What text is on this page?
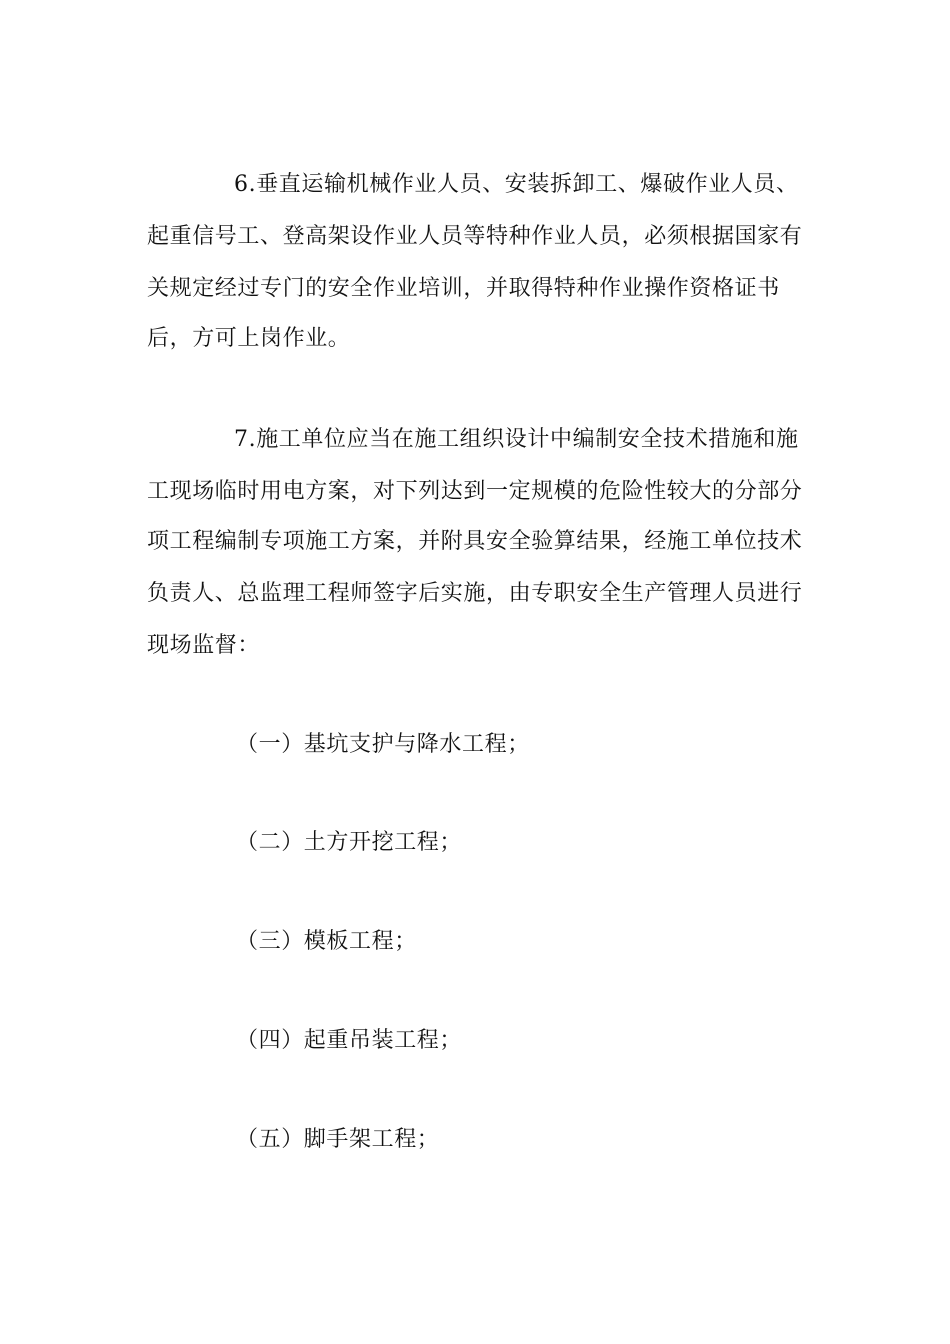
6.垂直运输机械作业人员、安装拆卸工、爆破作业人员、
起重信号工、登高架设作业人员等特种作业人员，必须根据国家有
关规定经过专门的安全作业培训，并取得特种作业操作资格证书
后，方可上岗作业。
7.施工单位应当在施工组织设计中编制安全技术措施和施
工现场临时用电方案，对下列达到一定规模的危险性较大的分部分
项工程编制专项施工方案，并附具安全验算结果，经施工单位技术
负责人、总监理工程师签字后实施，由专职安全生产管理人员进行
现场监督：
（一）基坑支护与降水工程；
（二）土方开挖工程；
（三）模板工程；
（四）起重吊装工程；
（五）脚手架工程；
